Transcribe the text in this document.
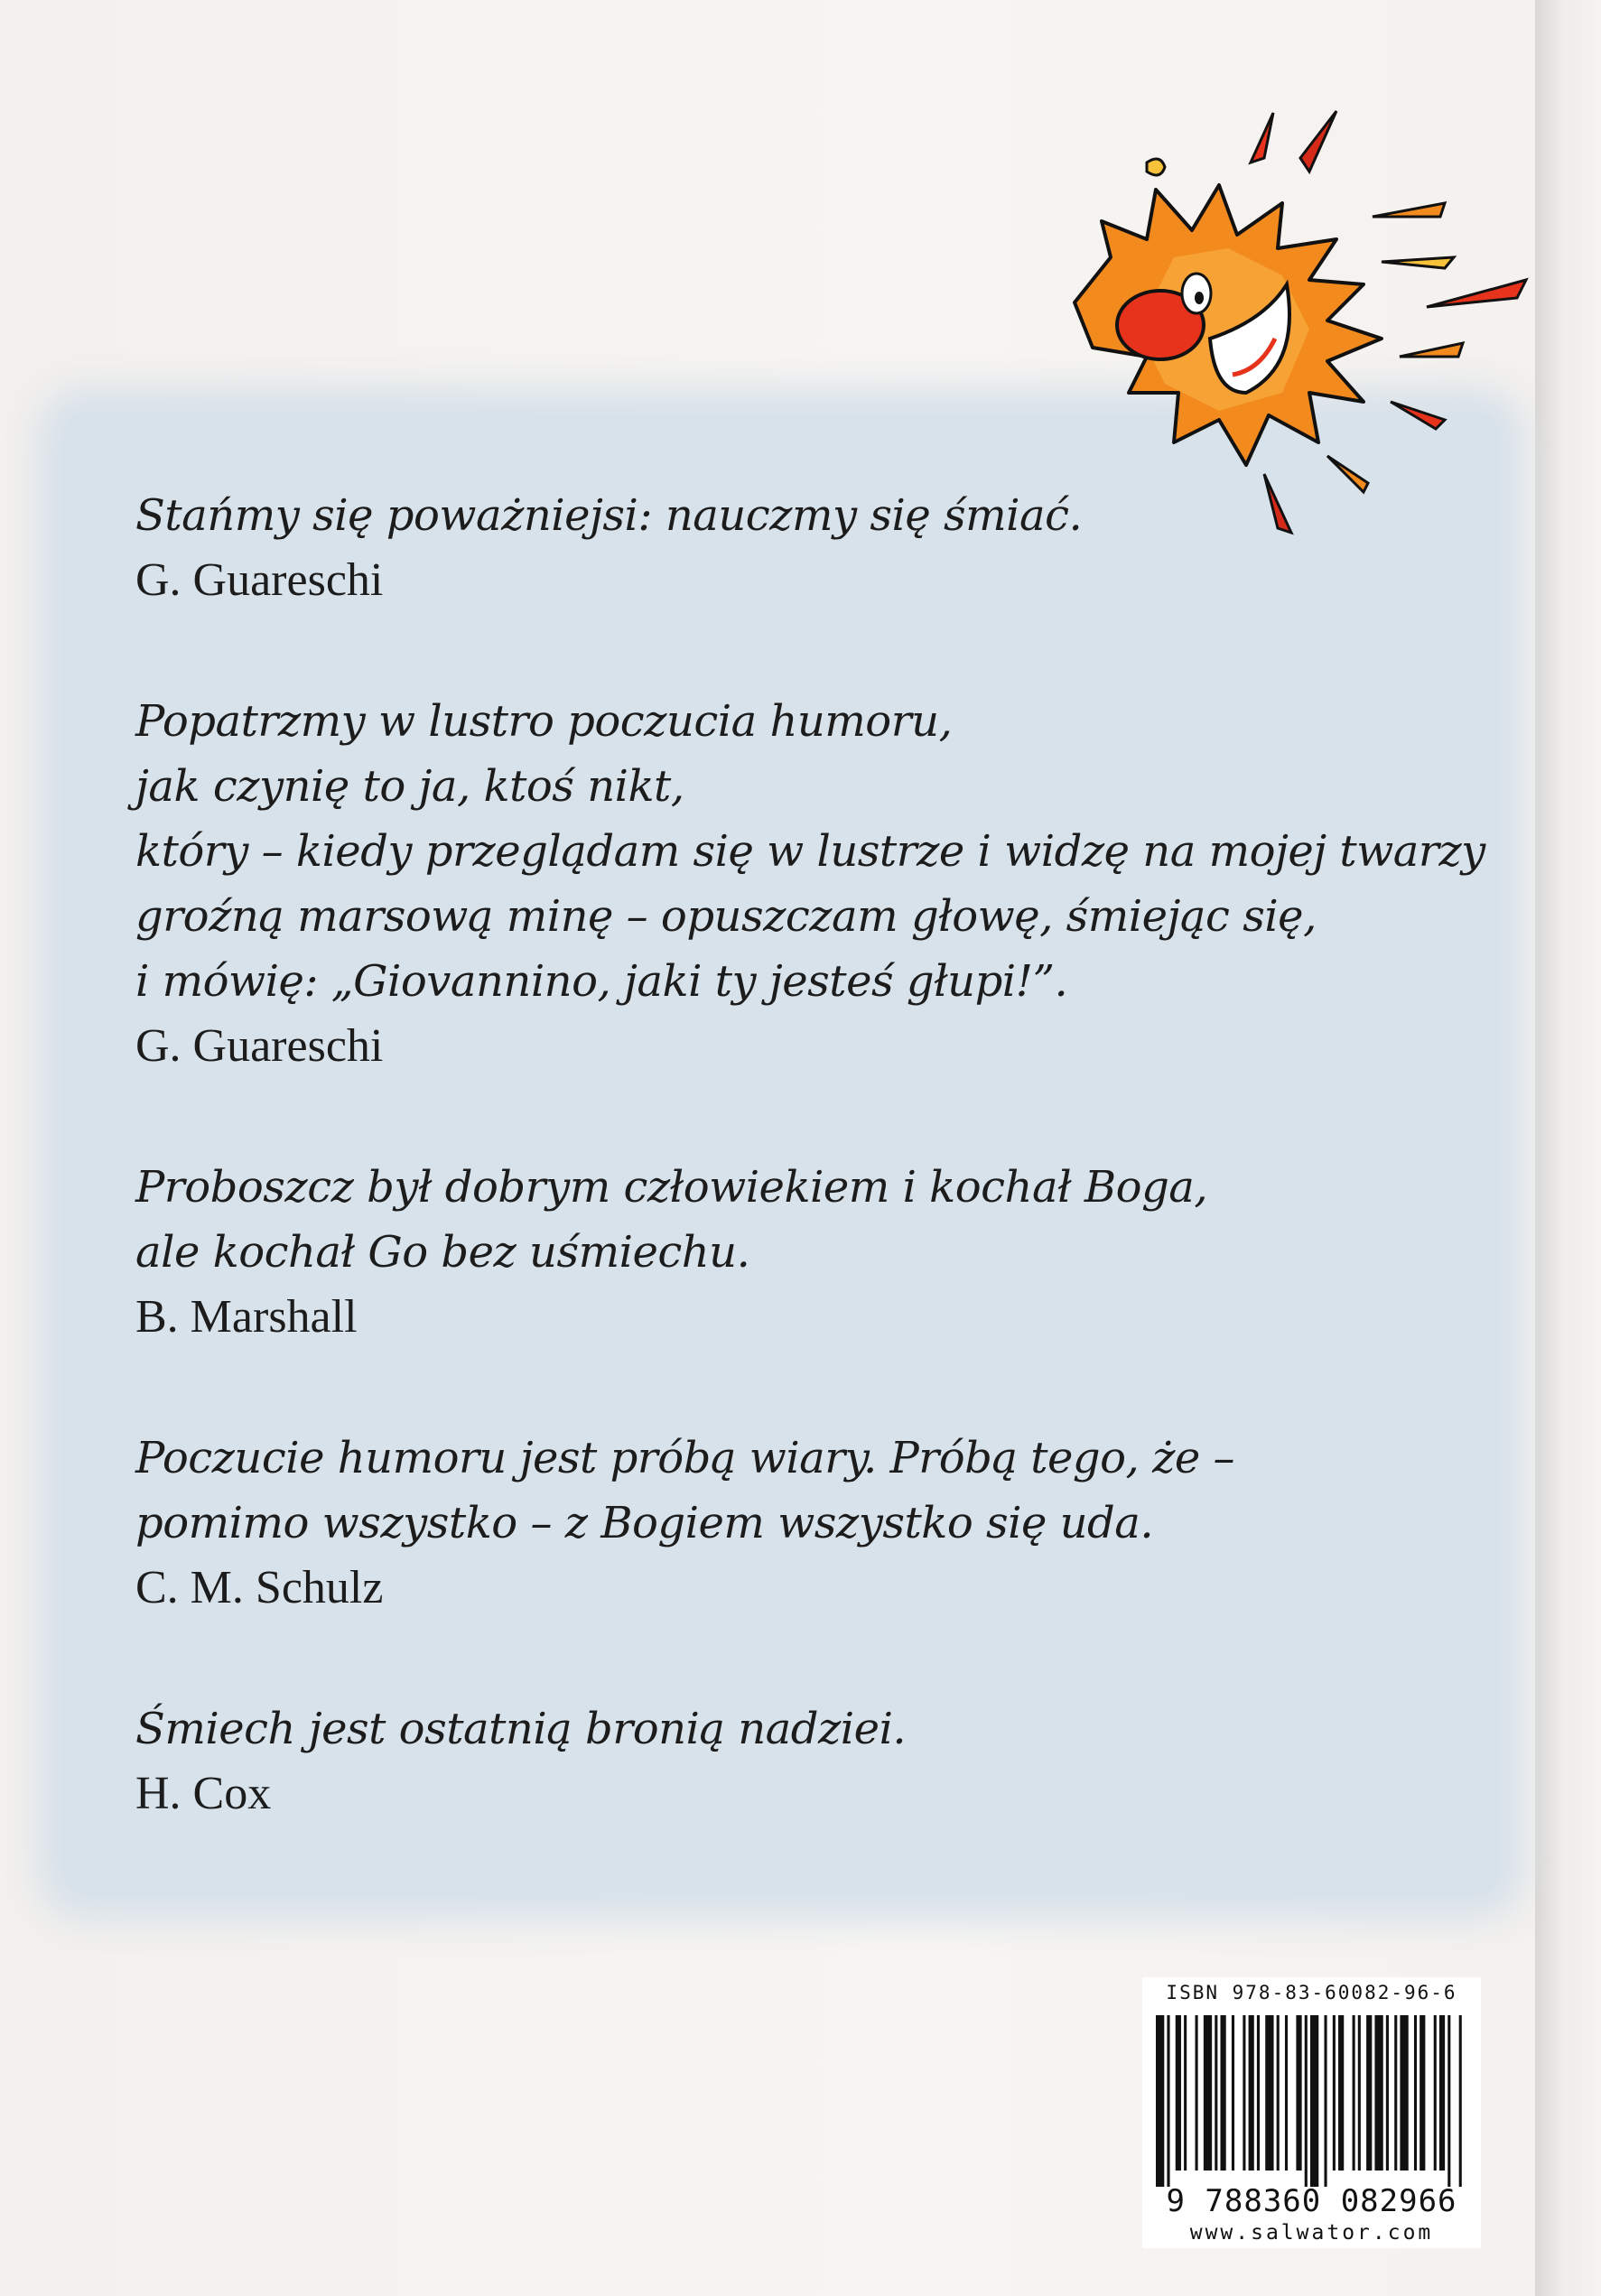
Stańmy się poważniejsi: nauczmy się śmiać.
G. Guareschi
Popatrzmy w lustro poczucia humoru,
jak czynię to ja, ktoś nikt,
który – kiedy przeglądam się w lustrze i widzę na mojej twarzy
groźną marsową minę – opuszczam głowę, śmiejąc się,
i mówię: „Giovannino, jaki ty jesteś głupi!”.
G. Guareschi
Proboszcz był dobrym człowiekiem i kochał Boga,
ale kochał Go bez uśmiechu.
B. Marshall
Poczucie humoru jest próbą wiary. Próbą tego, że –
pomimo wszystko – z Bogiem wszystko się uda.
C. M. Schulz
Śmiech jest ostatnią bronią nadziei.
H. Cox
ISBN 978-83-60082-96-6
9 788360 082966
www.salwator.com
